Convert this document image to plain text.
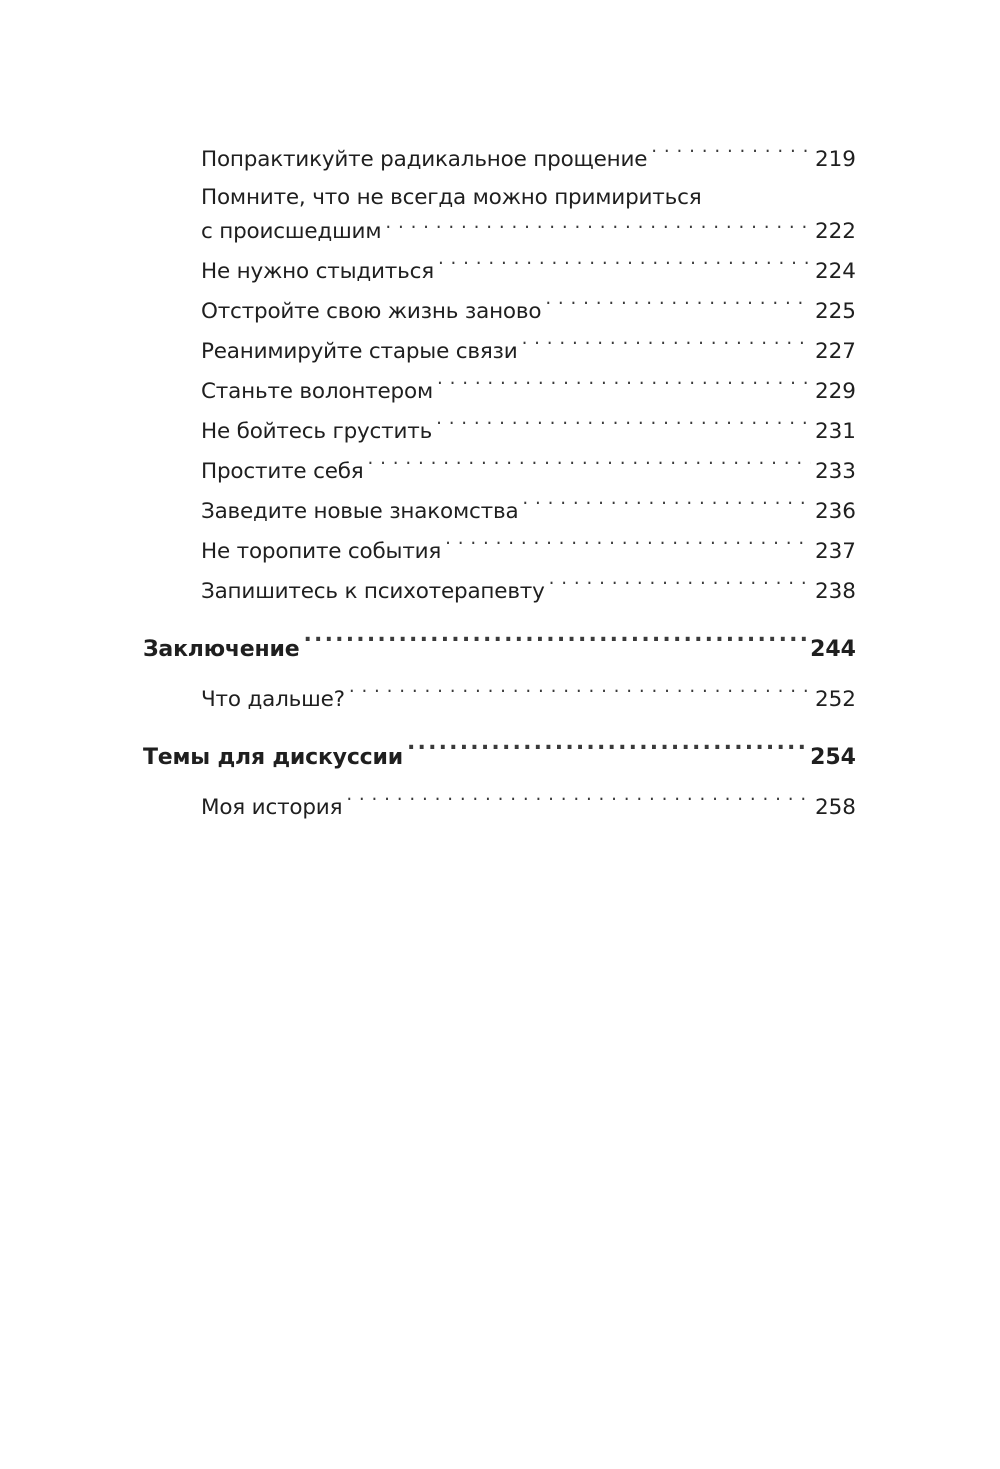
Попрактикуйте радикальное прощение . . .	219
Помните, что не всегда можно примириться
с происшедшим . . .	222
Не нужно стыдиться . . .	224
Отстройте свою жизнь заново . . .	225
Реанимируйте старые связи . . .	227
Станьте волонтером . . .	229
Не бойтесь грустить . . .	231
Простите себя . . .	233
Заведите новые знакомства . . .	236
Не торопите события . . .	237
Запишитесь к психотерапевту . . .	238
Заключение .....	244
Что дальше? . . .	252
Темы для дискуссии .....	254
Моя история . . .	258
